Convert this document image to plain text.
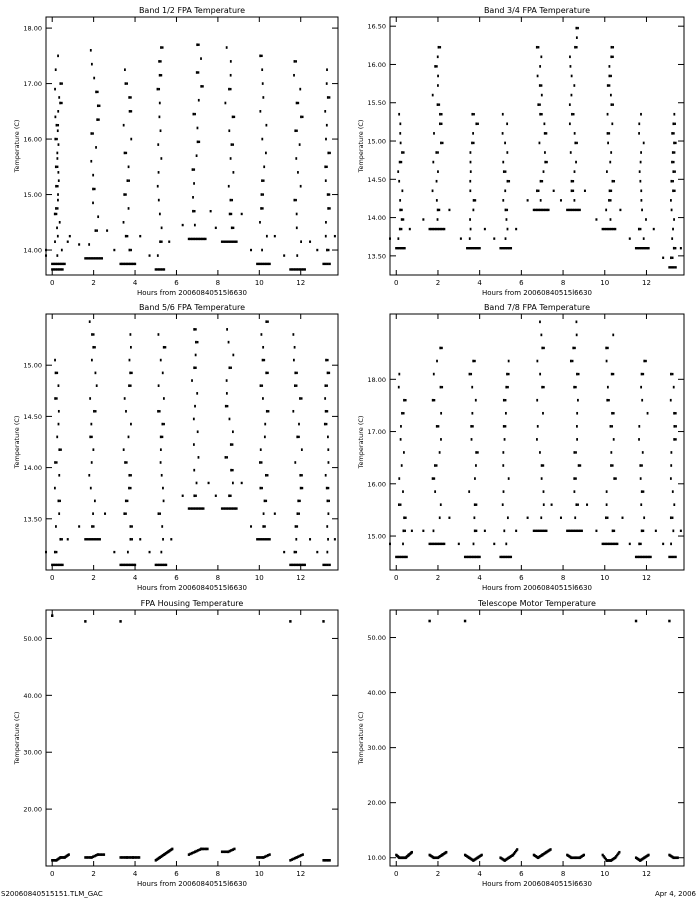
Band 1/2 FPA Temperature
Hours from 20060840515l6630
Temperature (C)
0	2	4	6	8	10	12
14.00
15.00
16.00
17.00
18.00
Band 3/4 FPA Temperature
Hours from 20060840515l6630
Temperature (C)
0	2	4	6	8	10	12
13.50
14.00
14.50
15.00
15.50
16.00
16.50
Band 5/6 FPA Temperature
Hours from 20060840515l6630
Temperature (C)
0	2	4	6	8	10	12
13.50
14.00
14.50
15.00
Band 7/8 FPA Temperature
Hours from 20060840515l6630
Temperature (C)
0	2	4	6	8	10	12
15.00
16.00
17.00
18.00
FPA Housing Temperature
Hours from 20060840515l6630
Temperature (C)
0	2	4	6	8	10	12
20.00
30.00
40.00
50.00
Telescope Motor Temperature
Hours from 20060840515l6630
Temperature (C)
0	2	4	6	8	10	12
10.00
20.00
30.00
40.00
50.00
S20060840515151.TLM_GAC	Apr 4, 2006
